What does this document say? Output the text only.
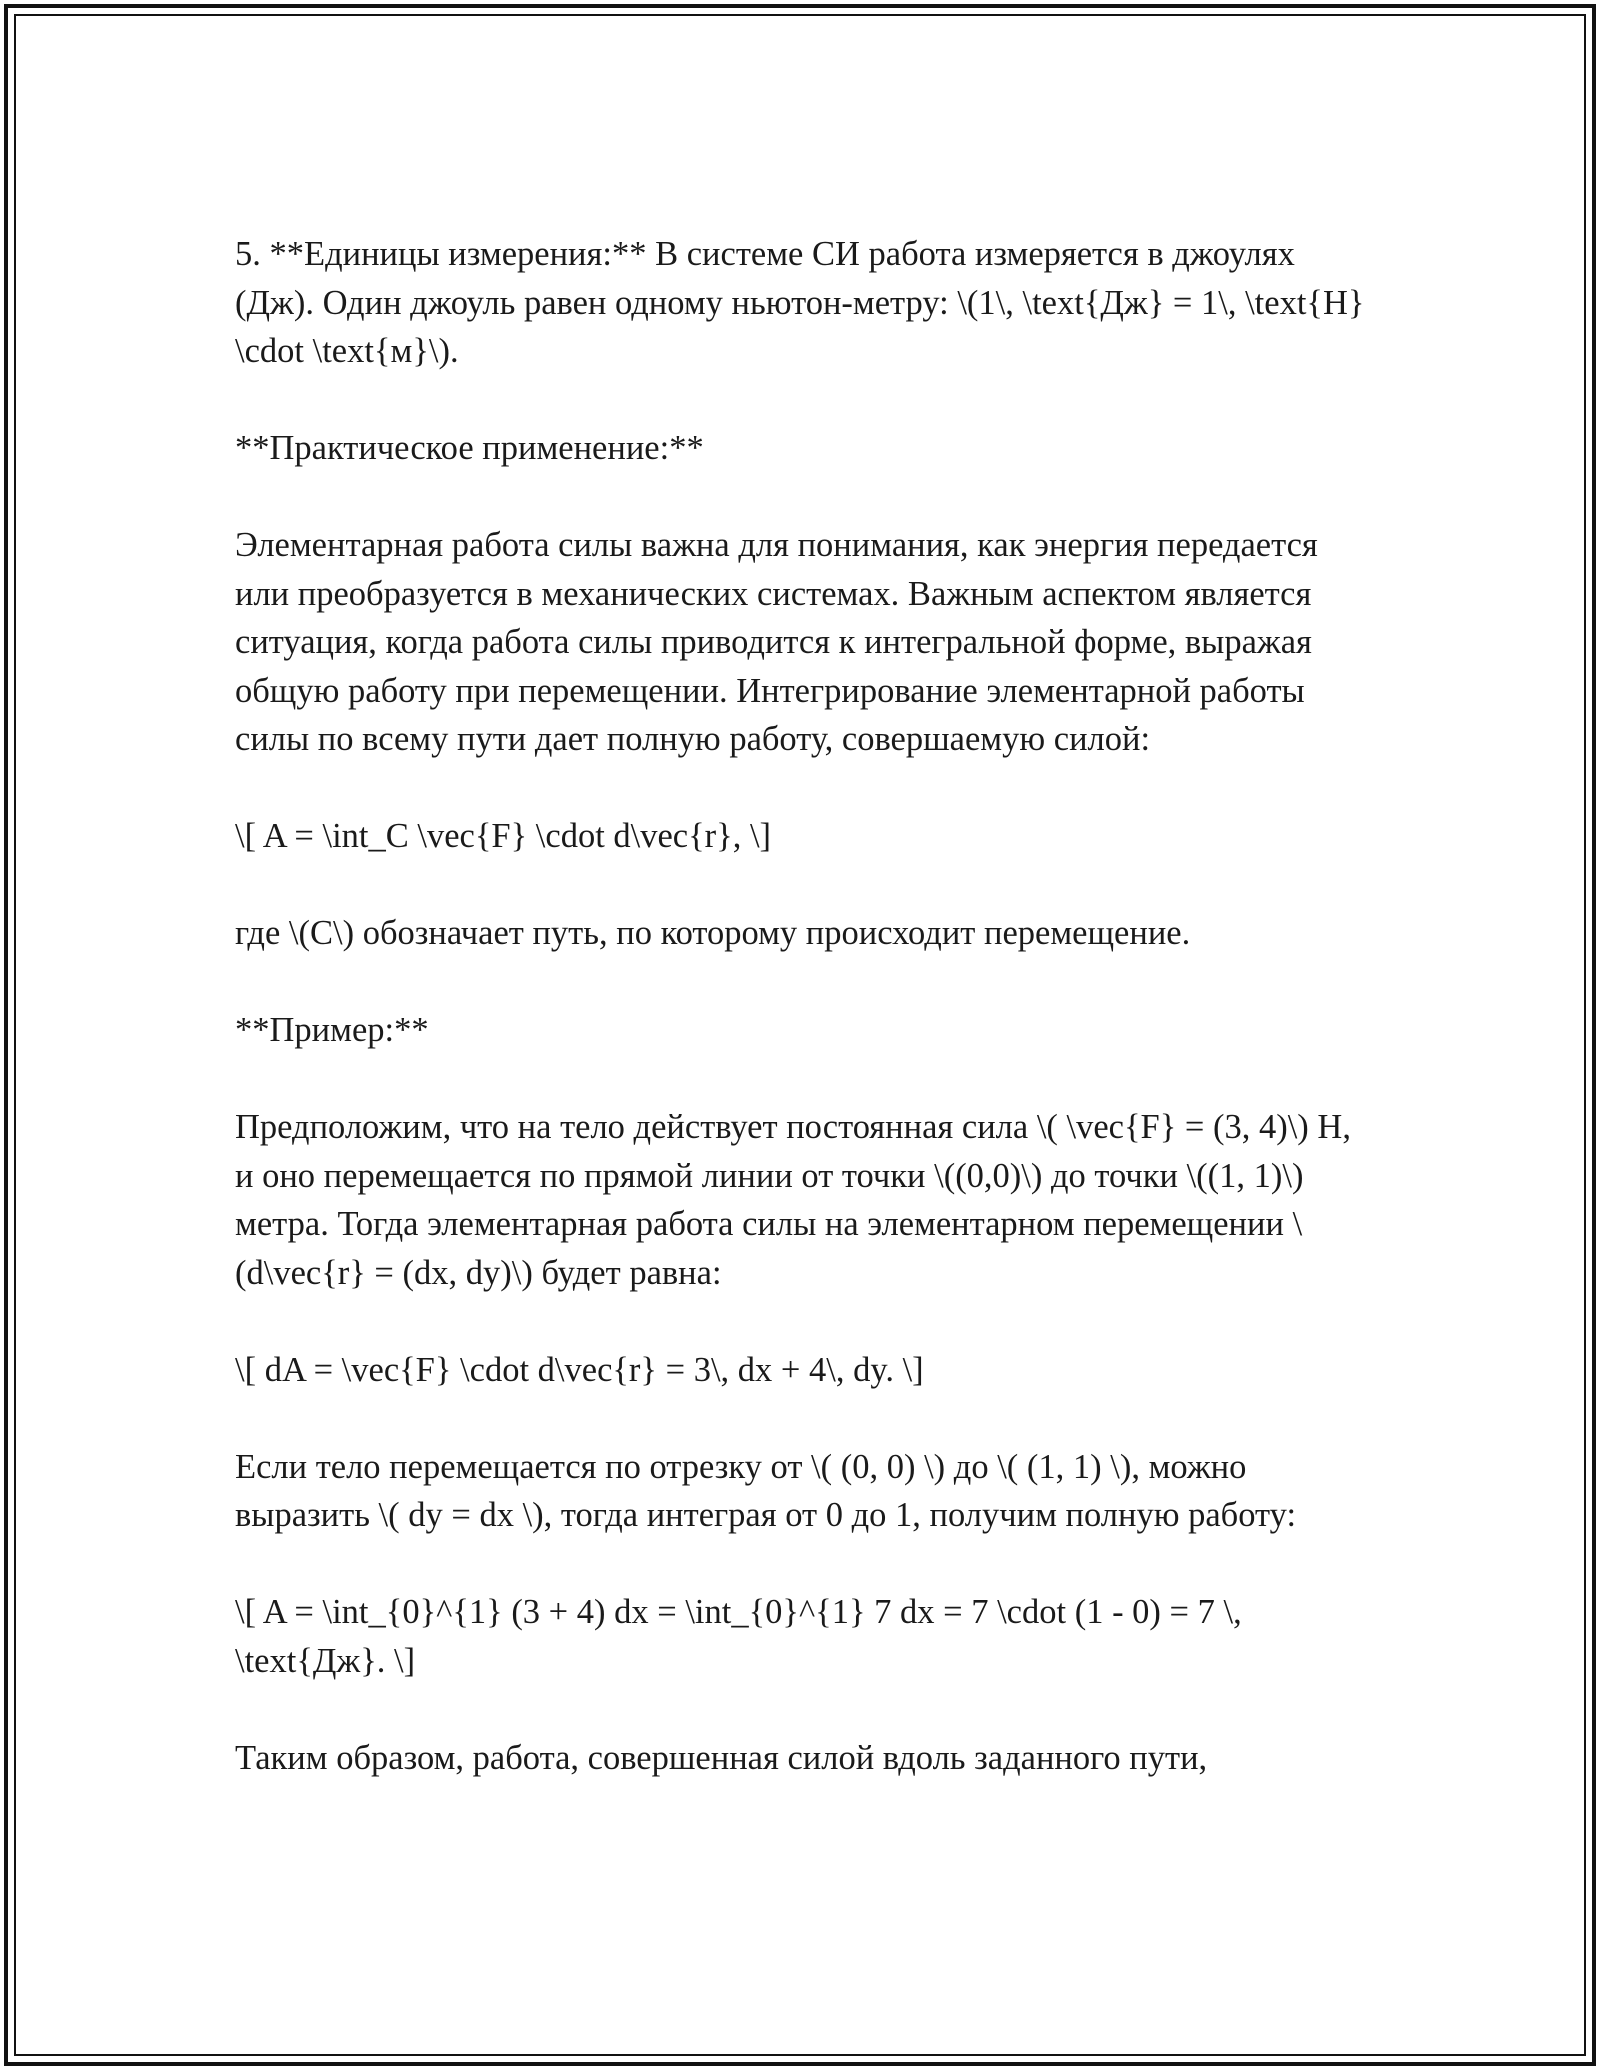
5. **Единицы измерения:** В системе СИ работа измеряется в джоулях (Дж). Один джоуль равен одному ньютон-метру: \(1\, \text{Дж} = 1\, \text{Н} \cdot \text{м}\).

**Практическое применение:**

Элементарная работа силы важна для понимания, как энергия передается или преобразуется в механических системах. Важным аспектом является ситуация, когда работа силы приводится к интегральной форме, выражая общую работу при перемещении. Интегрирование элементарной работы силы по всему пути дает полную работу, совершаемую силой:

\[ A = \int_C \vec{F} \cdot d\vec{r}, \]

где \(C\) обозначает путь, по которому происходит перемещение.

**Пример:**

Предположим, что на тело действует постоянная сила \( \vec{F} = (3, 4)\) Н, и оно перемещается по прямой линии от точки \((0,0)\) до точки \((1, 1)\) метра. Тогда элементарная работа силы на элементарном перемещении \(d\vec{r} = (dx, dy)\) будет равна:

\[ dA = \vec{F} \cdot d\vec{r} = 3\, dx + 4\, dy. \]

Если тело перемещается по отрезку от \( (0, 0) \) до \( (1, 1) \), можно выразить \( dy = dx \), тогда интеграя от 0 до 1, получим полную работу:

\[ A = \int_{0}^{1} (3 + 4) dx = \int_{0}^{1} 7 dx = 7 \cdot (1 - 0) = 7 \, \text{Дж}. \]

Таким образом, работа, совершенная силой вдоль заданного пути,
